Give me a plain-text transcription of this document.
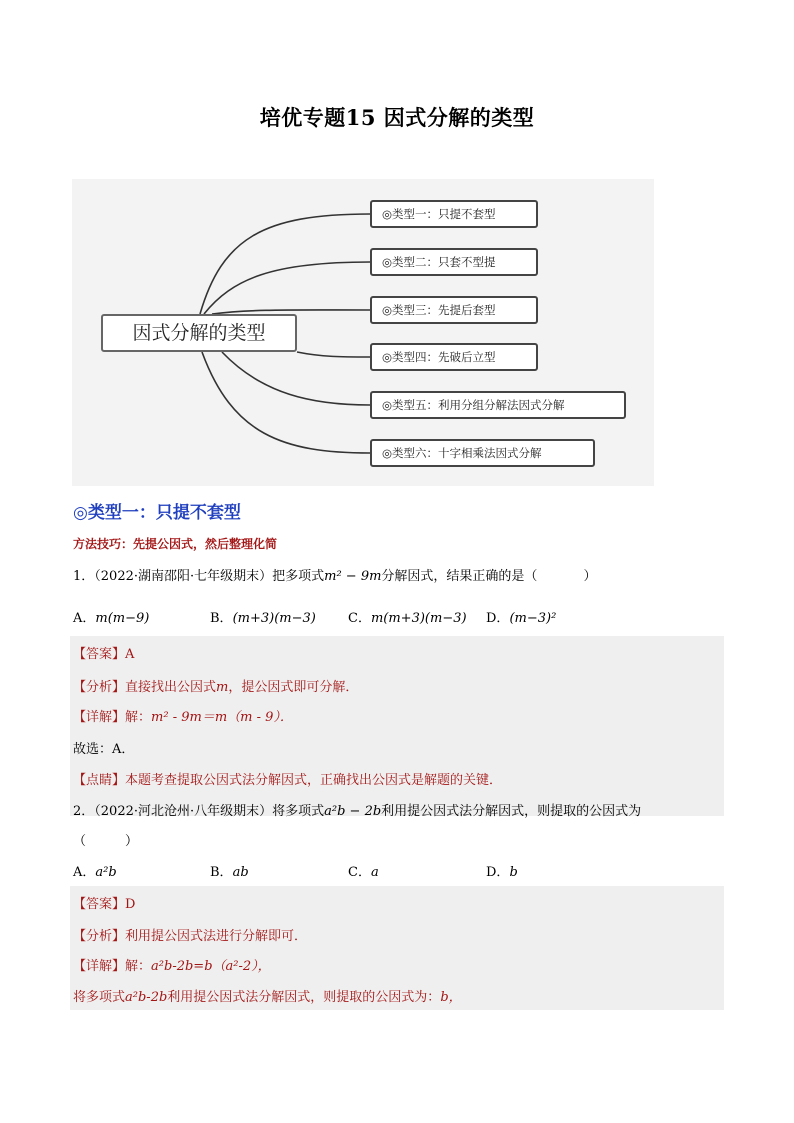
培优专题15 因式分解的类型
因式分解的类型
◎类型一：只提不套型
◎类型二：只套不型提
◎类型三：先提后套型
◎类型四：先破后立型
◎类型五：利用分组分解法因式分解
◎类型六：十字相乘法因式分解
◎类型一：只提不套型
方法技巧：先提公因式，然后整理化简
1．（2022·湖南邵阳·七年级期末）把多项式m² − 9m分解因式，结果正确的是（	）
A．m(m−9)	B．(m+3)(m−3) C．m(m+3)(m−3) D．(m−3)²
【答案】A
【分析】直接找出公因式m，提公因式即可分解．
【详解】解：m² - 9m＝m（m - 9）．
故选：A．
【点睛】本题考查提取公因式法分解因式，正确找出公因式是解题的关键．
2．（2022·河北沧州·八年级期末）将多项式a²b − 2b利用提公因式法分解因式，则提取的公因式为
（　　　）
A．a²b	B．ab	C．a	D．b
【答案】D
【分析】利用提公因式法进行分解即可．
【详解】解：a²b-2b=b（a²-2），
将多项式a²b-2b利用提公因式法分解因式，则提取的公因式为：b，
